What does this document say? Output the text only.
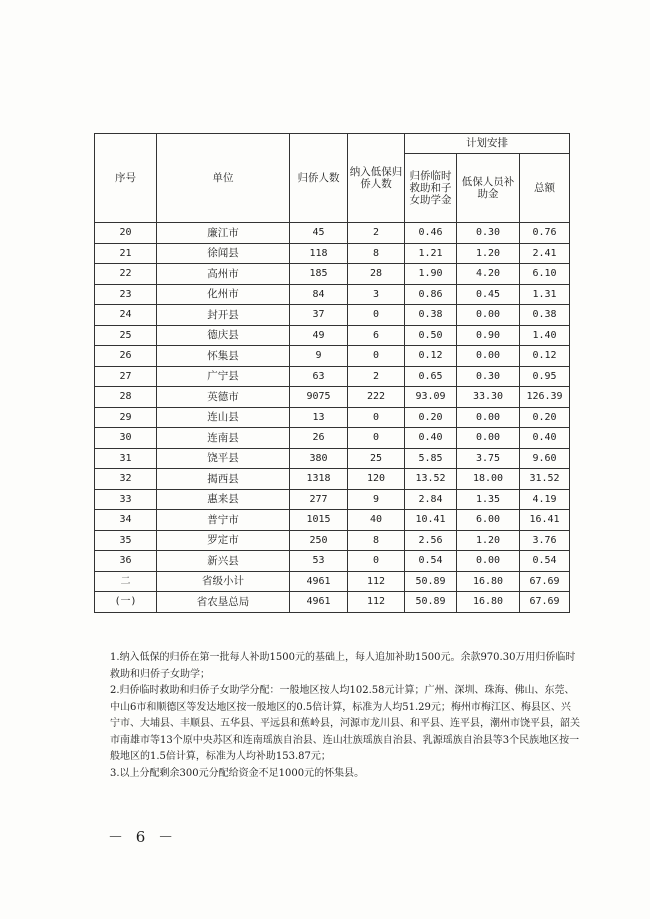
序号	单位	归侨人数	纳入低保归侨人数	计划安排		
				归侨临时救助和子女助学金	低保人员补助金	总额
20	廉江市	45	2	0.46	0.30	0.76
21	徐闻县	118	8	1.21	1.20	2.41
22	高州市	185	28	1.90	4.20	6.10
23	化州市	84	3	0.86	0.45	1.31
24	封开县	37	0	0.38	0.00	0.38
25	德庆县	49	6	0.50	0.90	1.40
26	怀集县	9	0	0.12	0.00	0.12
27	广宁县	63	2	0.65	0.30	0.95
28	英德市	9075	222	93.09	33.30	126.39
29	连山县	13	0	0.20	0.00	0.20
30	连南县	26	0	0.40	0.00	0.40
31	饶平县	380	25	5.85	3.75	9.60
32	揭西县	1318	120	13.52	18.00	31.52
33	惠来县	277	9	2.84	1.35	4.19
34	普宁市	1015	40	10.41	6.00	16.41
35	罗定市	250	8	2.56	1.20	3.76
36	新兴县	53	0	0.54	0.00	0.54
二	省级小计	4961	112	50.89	16.80	67.69
(一)	省农垦总局	4961	112	50.89	16.80	67.69

1.纳入低保的归侨在第一批每人补助1500元的基础上，每人追加补助1500元。余款970.30万用归侨临时救助和归侨子女助学；

2.归侨临时救助和归侨子女助学分配：一般地区按人均102.58元计算；广州、深圳、珠海、佛山、东莞、中山6市和顺德区等发达地区按一般地区的0.5倍计算，标准为人均51.29元；梅州市梅江区、梅县区、兴宁市、大埔县、丰顺县、五华县、平远县和蕉岭县，河源市龙川县、和平县、连平县，潮州市饶平县，韶关市南雄市等13个原中央苏区和连南瑶族自治县、连山壮族瑶族自治县、乳源瑶族自治县等3个民族地区按一般地区的1.5倍计算，标准为人均补助153.87元；

3.以上分配剩余300元分配给资金不足1000元的怀集县。

－ 6 －
